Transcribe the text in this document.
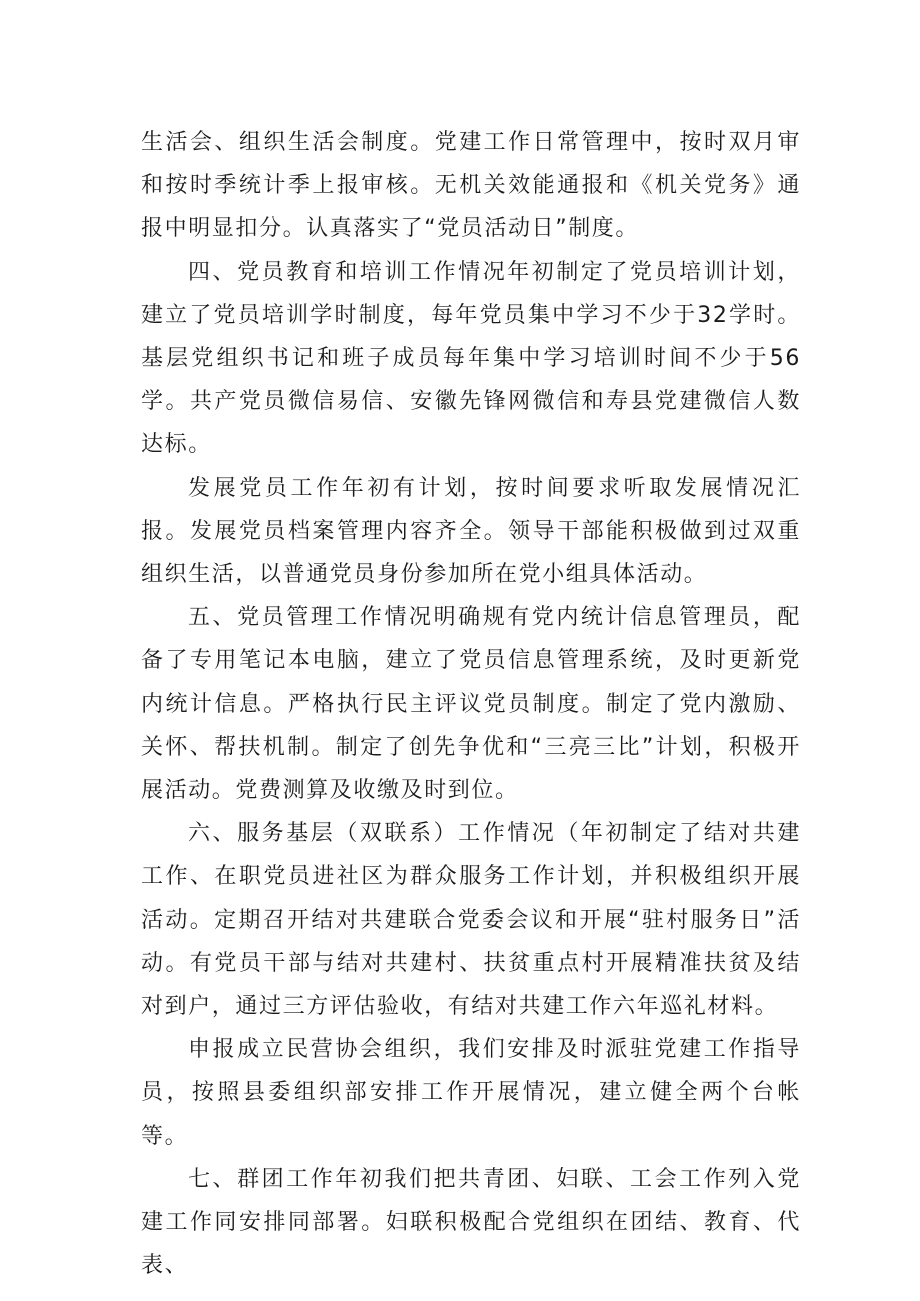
生活会、组织生活会制度。党建工作日常管理中，按时双月审和按时季统计季上报审核。无机关效能通报和《机关党务》通报中明显扣分。认真落实了“党员活动日”制度。

四、党员教育和培训工作情况年初制定了党员培训计划，建立了党员培训学时制度，每年党员集中学习不少于32学时。基层党组织书记和班子成员每年集中学习培训时间不少于56学。共产党员微信易信、安徽先锋网微信和寿县党建微信人数达标。

发展党员工作年初有计划，按时间要求听取发展情况汇报。发展党员档案管理内容齐全。领导干部能积极做到过双重组织生活，以普通党员身份参加所在党小组具体活动。

五、党员管理工作情况明确规有党内统计信息管理员，配备了专用笔记本电脑，建立了党员信息管理系统，及时更新党内统计信息。严格执行民主评议党员制度。制定了党内激励、关怀、帮扶机制。制定了创先争优和“三亮三比”计划，积极开展活动。党费测算及收缴及时到位。

六、服务基层（双联系）工作情况（年初制定了结对共建工作、在职党员进社区为群众服务工作计划，并积极组织开展活动。定期召开结对共建联合党委会议和开展“驻村服务日”活动。有党员干部与结对共建村、扶贫重点村开展精准扶贫及结对到户，通过三方评估验收，有结对共建工作六年巡礼材料。

申报成立民营协会组织，我们安排及时派驻党建工作指导员，按照县委组织部安排工作开展情况，建立健全两个台帐等。

七、群团工作年初我们把共青团、妇联、工会工作列入党建工作同安排同部署。妇联积极配合党组织在团结、教育、代表、
